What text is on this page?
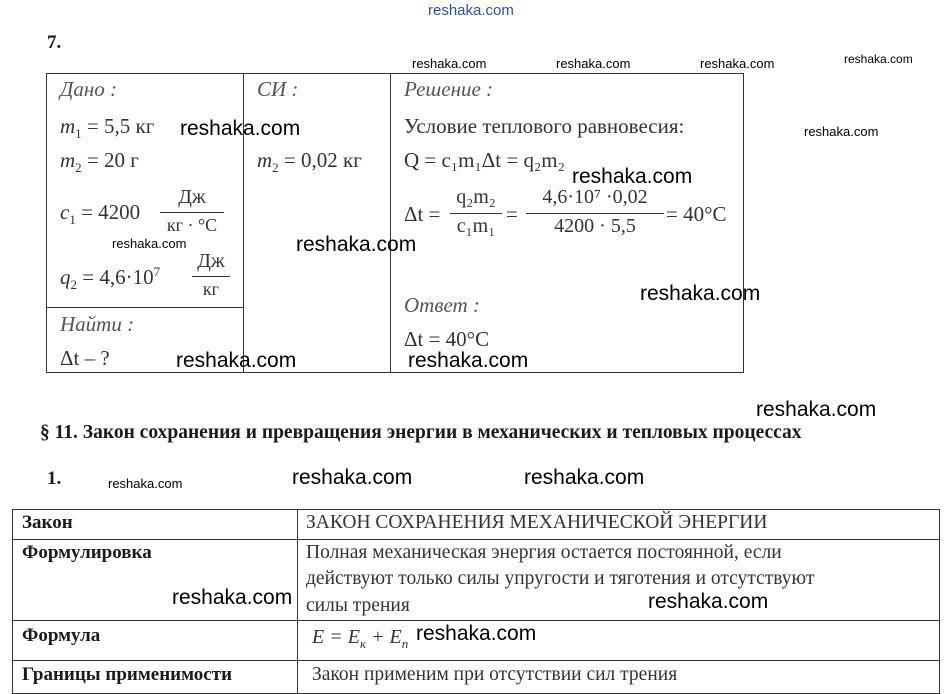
reshaka.com
7.
reshaka.com	reshaka.com	reshaka.com	reshaka.com
Дано :
$m_1 = 5,5$ кг
$m_2 = 20$ г
$c_1 = 4200$
Дж
кг · °С
$q_2 = 4,6\cdot 10^7$ Дж
кг
Найти :
Δt – ?
СИ :
$m_2 = 0,02$ кг
Решение :
Условие теплового равновесия:
Q = c₁m₁Δt = q₂m₂
Δt =
q₂m₂
c₁m₁ =
4,6·10⁷ ·0,02
4200 · 5,5	= 40°С
Ответ :
Δt = 40°С
reshaka.com	reshaka.com
reshaka.com
reshaka.com	reshaka.com
reshaka.com
reshaka.com	reshaka.com
reshaka.com
§ 11. Закон сохранения и превращения энергии в механических и тепловых процессах
1.	reshaka.com	reshaka.com	reshaka.com
Закон	ЗАКОН СОХРАНЕНИЯ МЕХАНИЧЕСКОЙ ЭНЕРГИИ
Формулировка	Полная механическая энергия остается постоянной, если
действуют только силы упругости и тяготения и отсутствуют
силы трения
Формула	$E = E_к + E_п$
Границы применимости	Закон применим при отсутствии сил трения
reshaka.com	reshaka.com
reshaka.com
